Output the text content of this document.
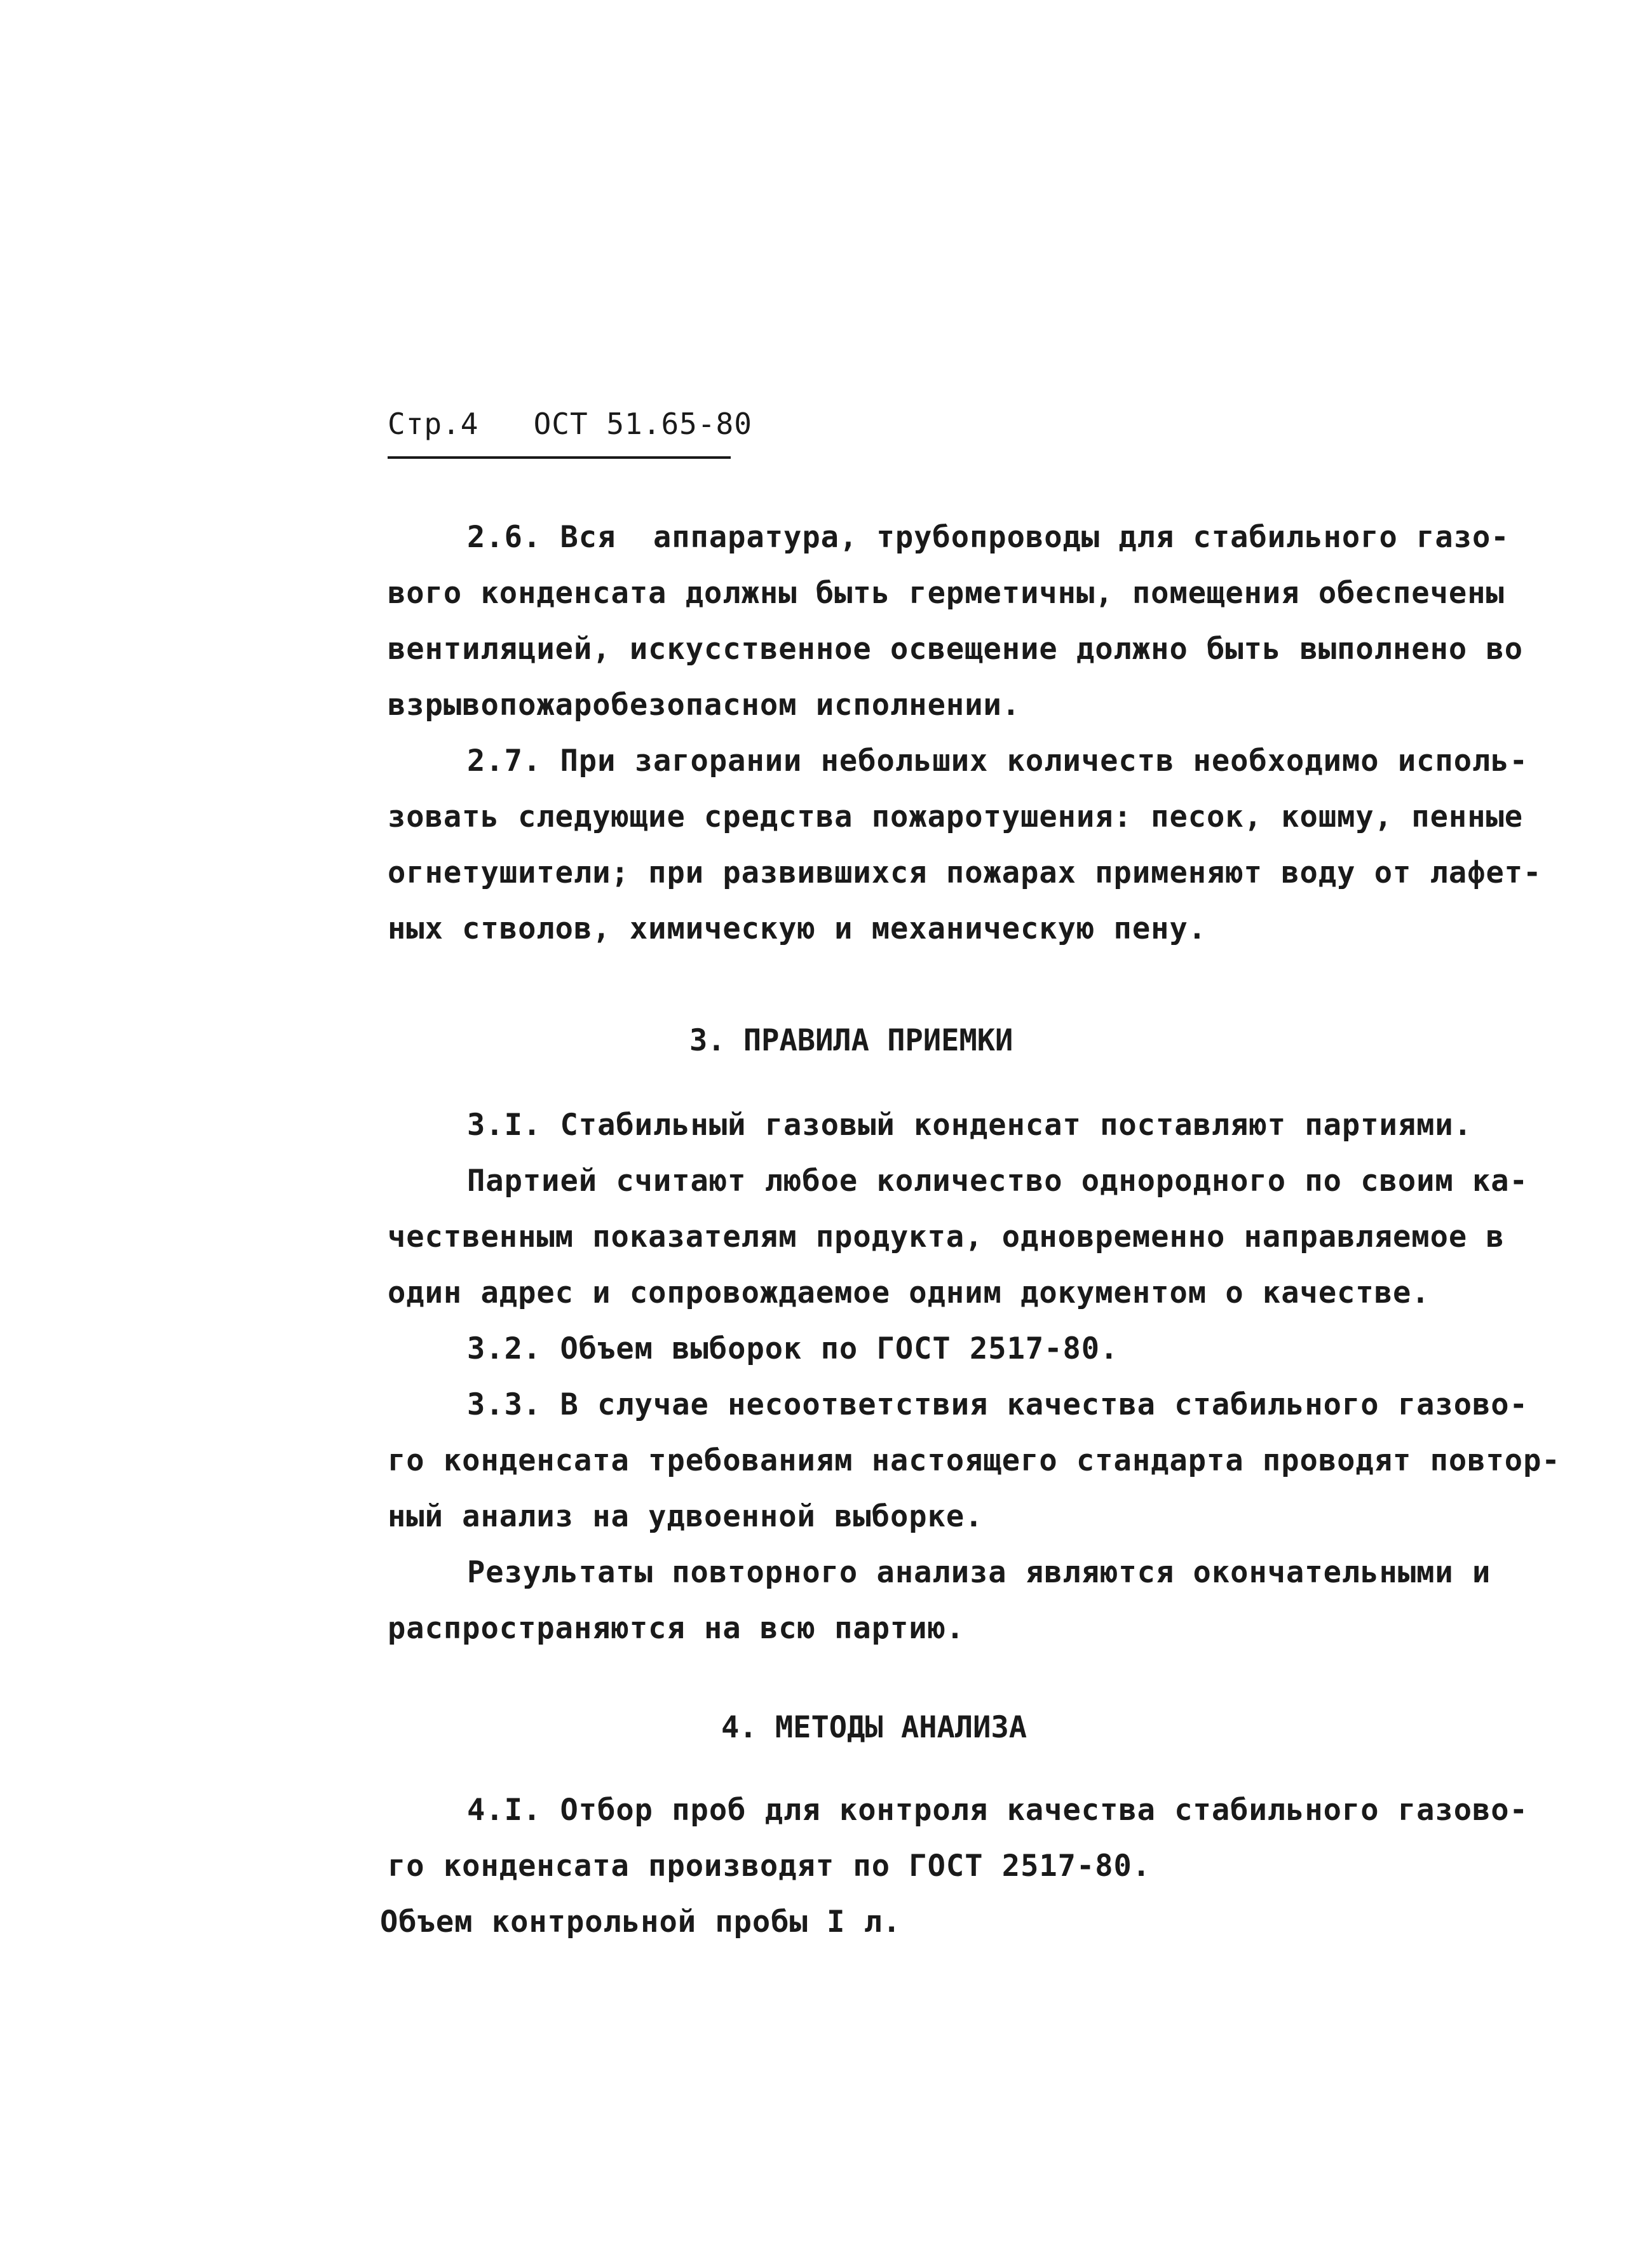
Стр.4 ОСТ 51.65-80
2.6. Вся  аппаратура, трубопроводы для стабильного газо-
вого конденсата должны быть герметичны, помещения обеспечены
вентиляцией, искусственное освещение должно быть выполнено во
взрывопожаробезопасном исполнении.
2.7. При загорании небольших количеств необходимо исполь-
зовать следующие средства пожаротушения: песок, кошму, пенные
огнетушители; при развившихся пожарах применяют воду от лафет-
ных стволов, химическую и механическую пену.
3. ПРАВИЛА ПРИЕМКИ
3.I. Стабильный газовый конденсат поставляют партиями.
Партией считают любое количество однородного по своим ка-
чественным показателям продукта, одновременно направляемое в
один адрес и сопровождаемое одним документом о качестве.
3.2. Объем выборок по ГОСТ 2517-80.
3.3. В случае несоответствия качества стабильного газово-
го конденсата требованиям настоящего стандарта проводят повтор-
ный анализ на удвоенной выборке.
Результаты повторного анализа являются окончательными и
распространяются на всю партию.
4. МЕТОДЫ АНАЛИЗА
4.I. Отбор проб для контроля качества стабильного газово-
го конденсата производят по ГОСТ 2517-80.
Объем контрольной пробы I л.
